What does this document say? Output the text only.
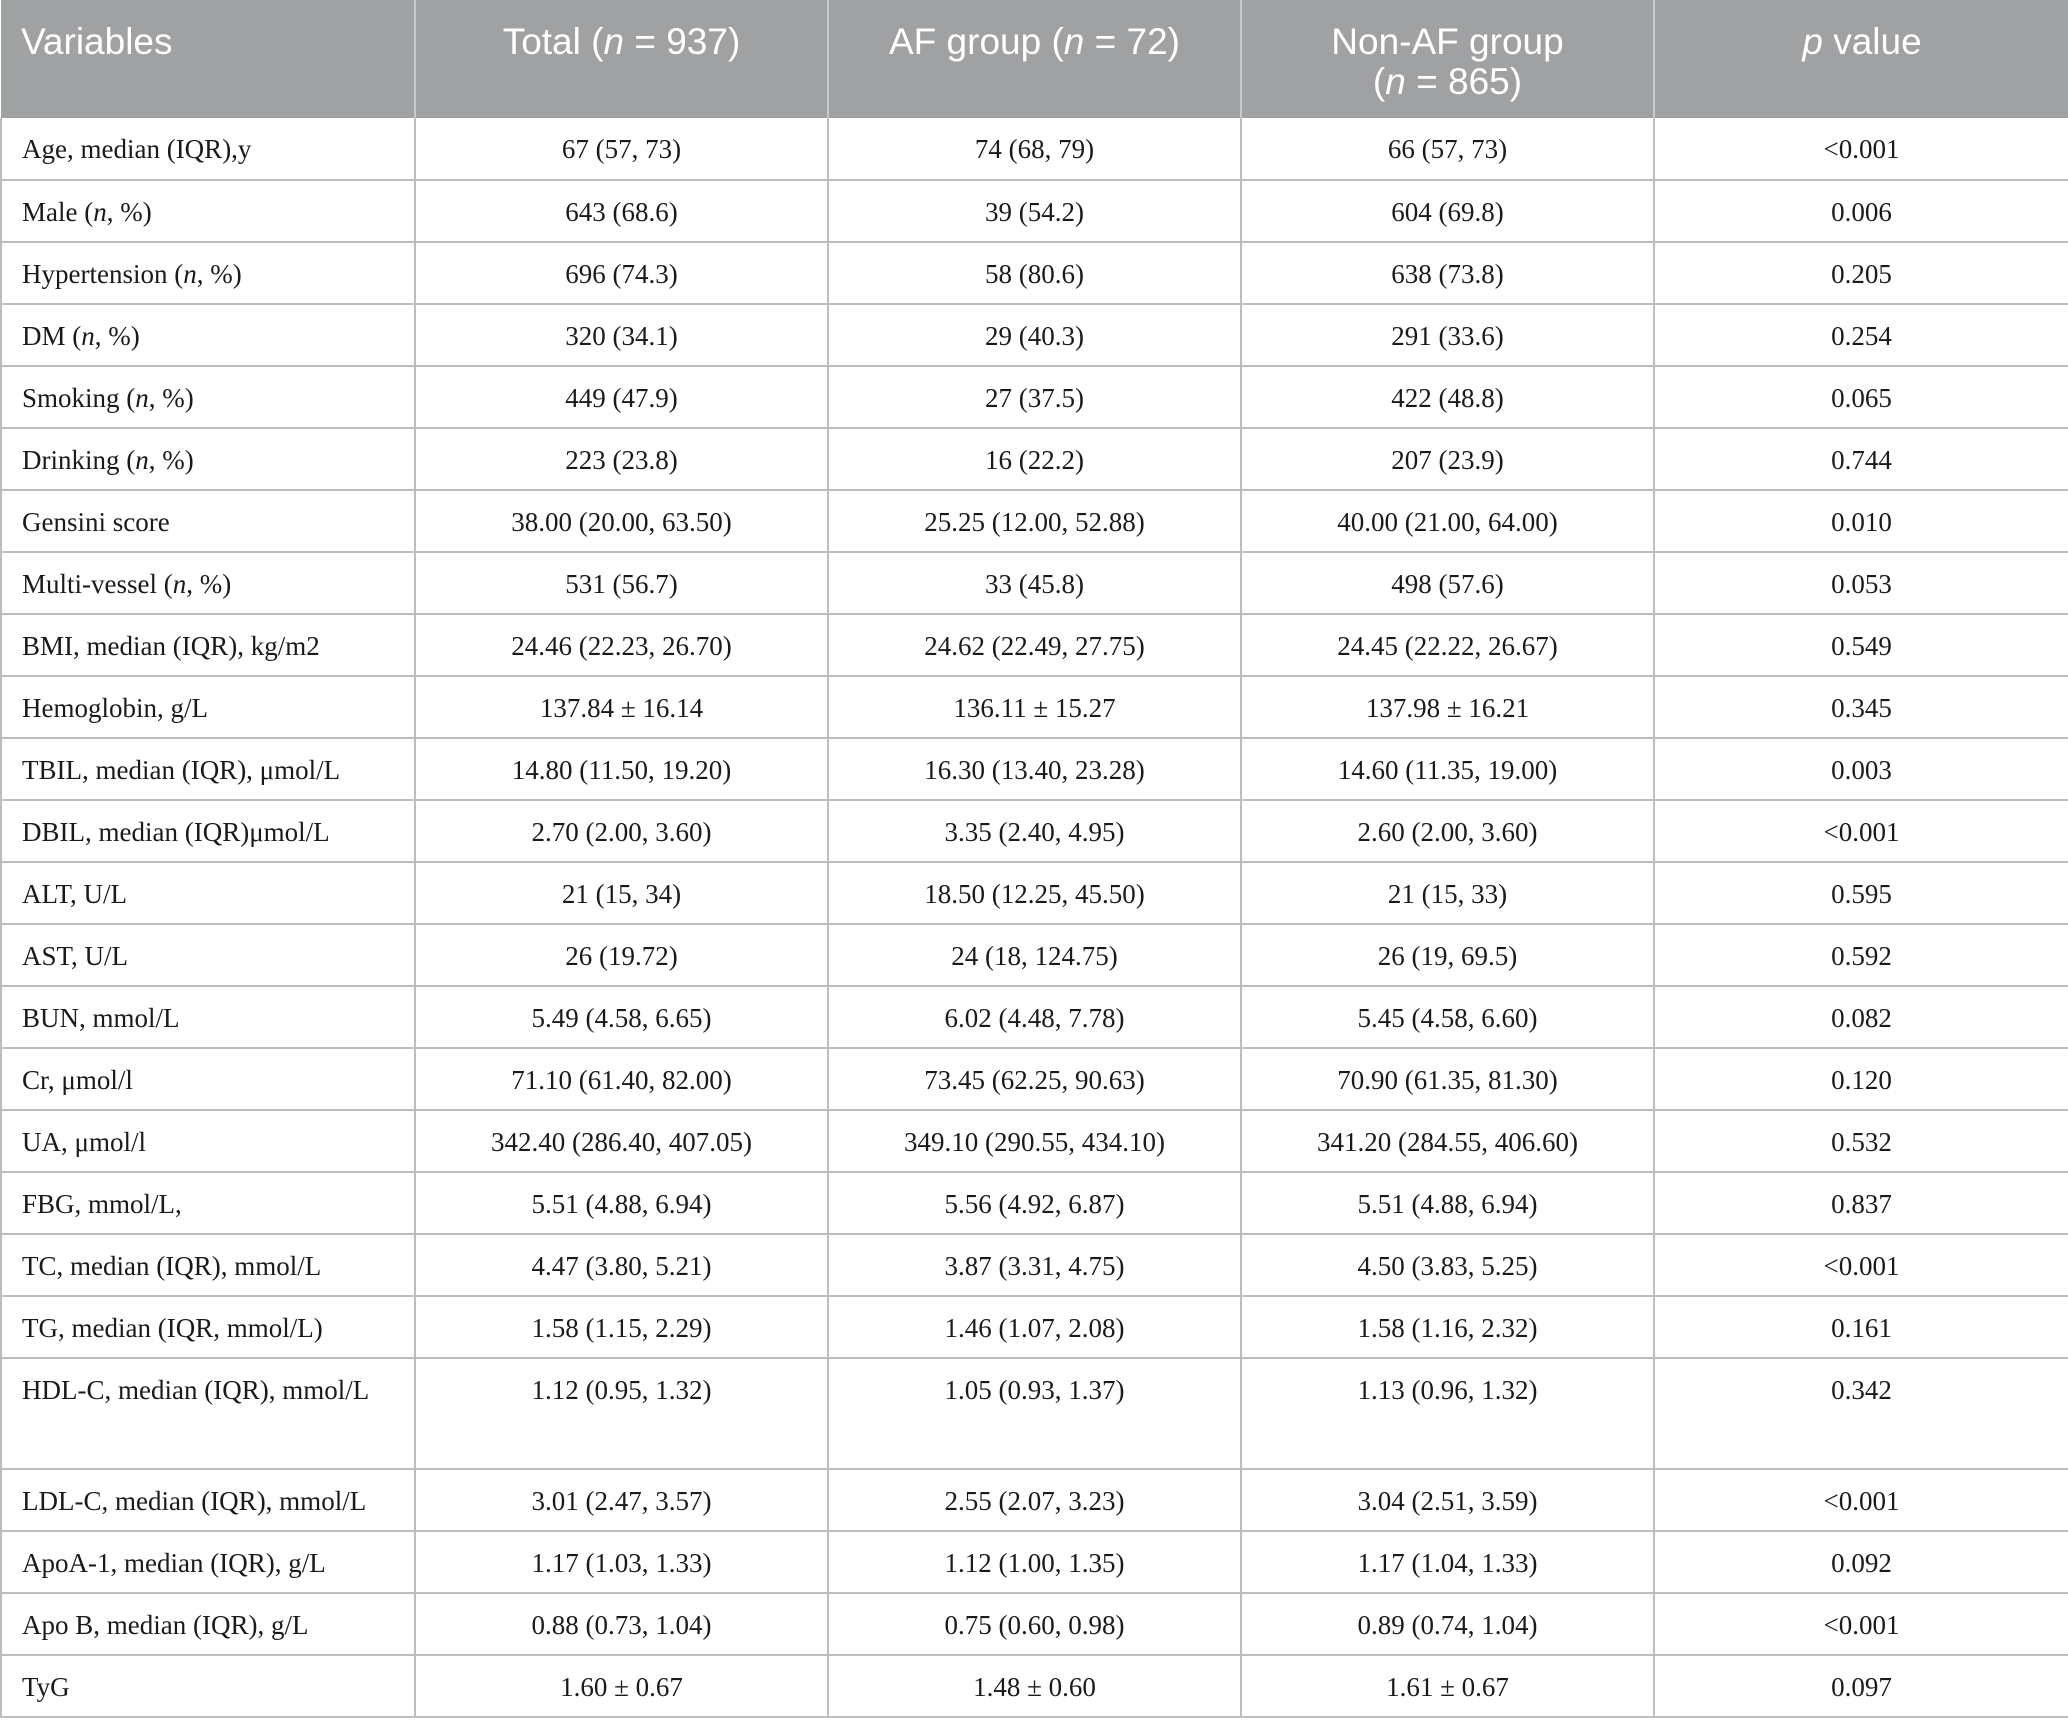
Variables	Total (n = 937)	AF group (n = 72)	Non-AF group
(n = 865)	p value
Age, median (IQR),y	67 (57, 73)	74 (68, 79)	66 (57, 73)	<0.001
Male (n, %)	643 (68.6)	39 (54.2)	604 (69.8)	0.006
Hypertension (n, %)	696 (74.3)	58 (80.6)	638 (73.8)	0.205
DM (n, %)	320 (34.1)	29 (40.3)	291 (33.6)	0.254
Smoking (n, %)	449 (47.9)	27 (37.5)	422 (48.8)	0.065
Drinking (n, %)	223 (23.8)	16 (22.2)	207 (23.9)	0.744
Gensini score	38.00 (20.00, 63.50)	25.25 (12.00, 52.88)	40.00 (21.00, 64.00)	0.010
Multi-vessel (n, %)	531 (56.7)	33 (45.8)	498 (57.6)	0.053
BMI, median (IQR), kg/m2	24.46 (22.23, 26.70)	24.62 (22.49, 27.75)	24.45 (22.22, 26.67)	0.549
Hemoglobin, g/L	137.84 ± 16.14	136.11 ± 15.27	137.98 ± 16.21	0.345
TBIL, median (IQR), μmol/L	14.80 (11.50, 19.20)	16.30 (13.40, 23.28)	14.60 (11.35, 19.00)	0.003
DBIL, median (IQR)μmol/L	2.70 (2.00, 3.60)	3.35 (2.40, 4.95)	2.60 (2.00, 3.60)	<0.001
ALT, U/L	21 (15, 34)	18.50 (12.25, 45.50)	21 (15, 33)	0.595
AST, U/L	26 (19.72)	24 (18, 124.75)	26 (19, 69.5)	0.592
BUN, mmol/L	5.49 (4.58, 6.65)	6.02 (4.48, 7.78)	5.45 (4.58, 6.60)	0.082
Cr, μmol/l	71.10 (61.40, 82.00)	73.45 (62.25, 90.63)	70.90 (61.35, 81.30)	0.120
UA, μmol/l	342.40 (286.40, 407.05)	349.10 (290.55, 434.10)	341.20 (284.55, 406.60)	0.532
FBG, mmol/L,	5.51 (4.88, 6.94)	5.56 (4.92, 6.87)	5.51 (4.88, 6.94)	0.837
TC, median (IQR), mmol/L	4.47 (3.80, 5.21)	3.87 (3.31, 4.75)	4.50 (3.83, 5.25)	<0.001
TG, median (IQR, mmol/L)	1.58 (1.15, 2.29)	1.46 (1.07, 2.08)	1.58 (1.16, 2.32)	0.161
HDL-C, median (IQR), mmol/L	1.12 (0.95, 1.32)	1.05 (0.93, 1.37)	1.13 (0.96, 1.32)	0.342
LDL-C, median (IQR), mmol/L	3.01 (2.47, 3.57)	2.55 (2.07, 3.23)	3.04 (2.51, 3.59)	<0.001
ApoA-1, median (IQR), g/L	1.17 (1.03, 1.33)	1.12 (1.00, 1.35)	1.17 (1.04, 1.33)	0.092
Apo B, median (IQR), g/L	0.88 (0.73, 1.04)	0.75 (0.60, 0.98)	0.89 (0.74, 1.04)	<0.001
TyG	1.60 ± 0.67	1.48 ± 0.60	1.61 ± 0.67	0.097
